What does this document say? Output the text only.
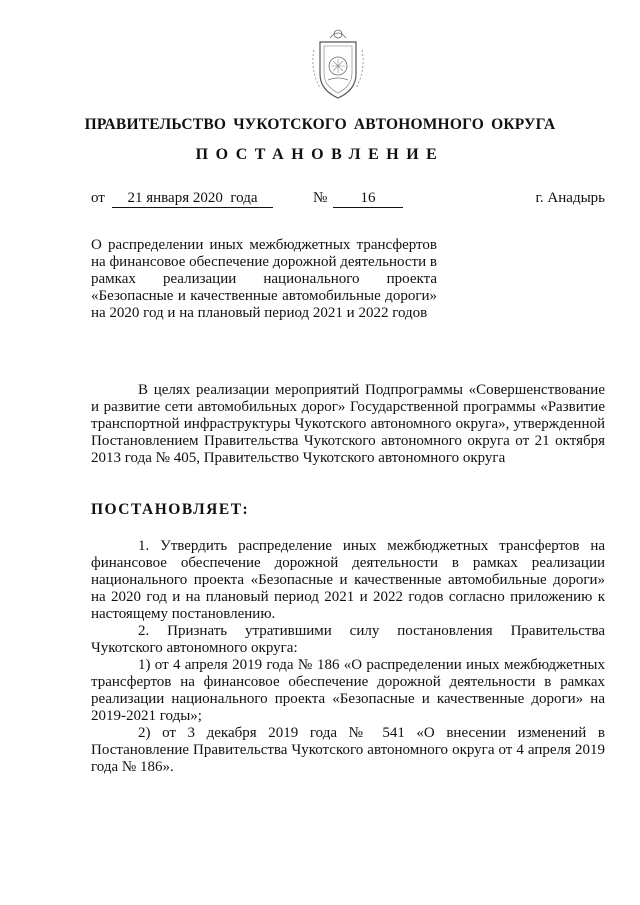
ПРАВИТЕЛЬСТВО ЧУКОТСКОГО АВТОНОМНОГО ОКРУГА
ПОСТАНОВЛЕНИЕ
от	21 января 2020  года	№	16	г. Анадырь
О распределении иных межбюджетных трансфертов на финансовое обеспечение дорожной деятельности в рамках реализации национального проекта «Безопасные и качественные автомобильные дороги» на 2020 год и на плановый период 2021 и 2022 годов

В целях реализации мероприятий Подпрограммы «Совершенствование и развитие сети автомобильных дорог» Государственной программы «Развитие транспортной инфраструктуры Чукотского автономного округа», утвержденной Постановлением Правительства Чукотского автономного округа от 21 октября 2013 года № 405, Правительство Чукотского автономного округа

ПОСТАНОВЛЯЕТ:

1. Утвердить распределение иных межбюджетных трансфертов на финансовое обеспечение дорожной деятельности в рамках реализации национального проекта «Безопасные и качественные автомобильные дороги» на 2020 год и на плановый период 2021 и 2022 годов согласно приложению к настоящему постановлению.

2. Признать утратившими силу постановления Правительства Чукотского автономного округа:

1) от 4 апреля 2019 года № 186 «О распределении иных межбюджетных трансфертов на финансовое обеспечение дорожной деятельности в рамках реализации национального проекта «Безопасные и качественные дороги» на 2019-2021 годы»;

2) от 3 декабря 2019 года № 541 «О внесении изменений в Постановление Правительства Чукотского автономного округа от 4 апреля 2019 года № 186».
